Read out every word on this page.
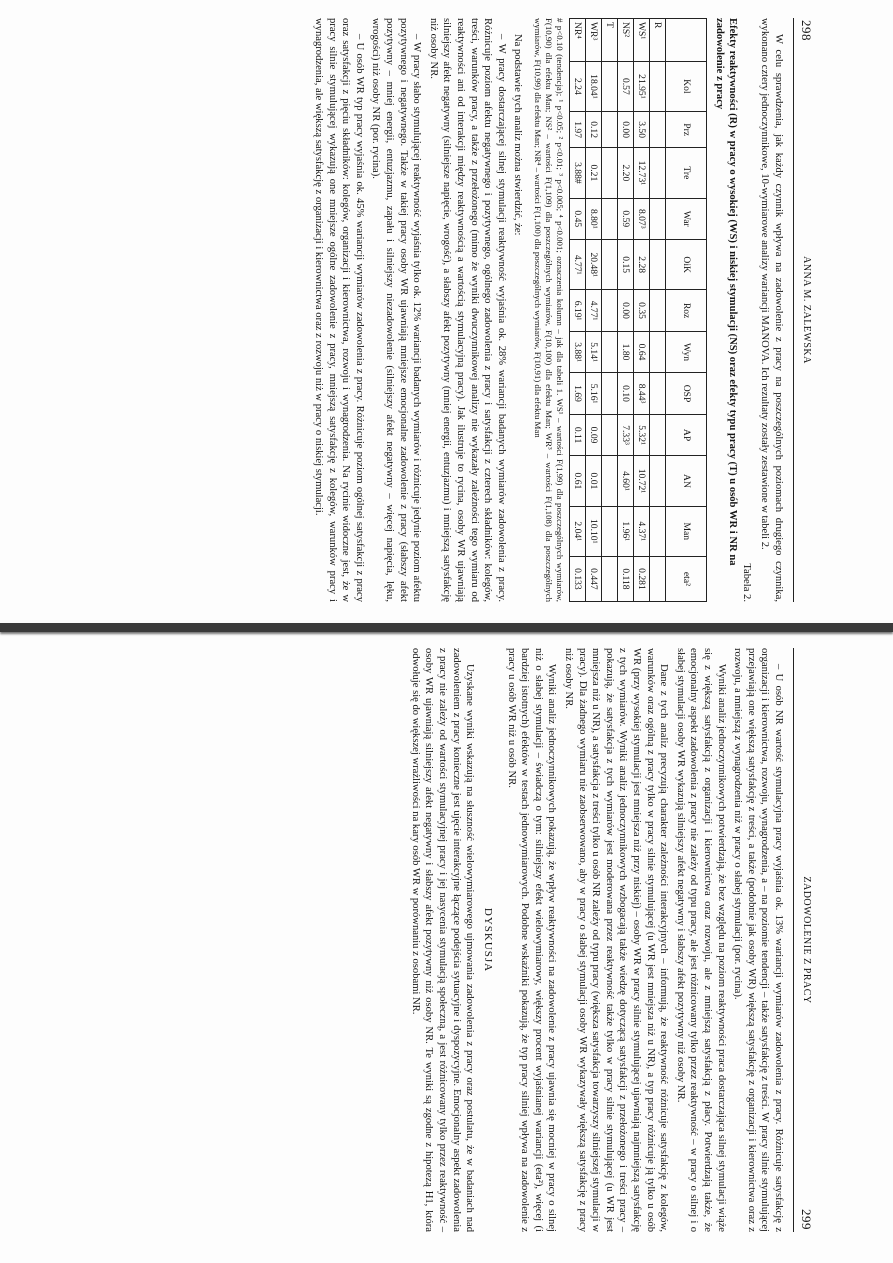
298
ANNA M. ZALEWSKA

W celu sprawdzenia, jak każdy czynnik wpływa na zadowolenie z pracy na poszczególnych poziomach drugiego czynnika, wykonano cztery jednoczynnikowe, 10-wymiarowe analizy wariancji MANOVA. Ich rezultaty zostały zestawione w tabeli 2.

Tabela 2.
Efekty reaktywności (R) w pracy o wysokiej (WS) i niskiej stymulacji (NS) oraz efekty typu pracy (T) u osób WR i NR na zadowolenie z pracy
	Kol	Prz	Tre	War	OiK	Roz	Wyn	OSP	AP	AN	Man	eta²
R												
WS¹	21.95¹	3.50	12.73¹	8.07³	2.28	0.35	0.64	8.44³	5.32¹	10.72¹	4.37¹	0.281
NS²	0.57	0.00	2.20	0.59	0.15	0.00	1.80	0.10	7.33³	4.60¹	1.96¹	0.118
T												
WR³	18.04¹	0.12	0.21	8.80¹	20.48¹	4.77¹	5.14¹	5.16¹	0.09	0.01	10.10¹	0.447
NR⁴	2.24	1.97	3.88#	0.45	4.77¹	6.19¹	3.88¹	1.69	0.11	0.61	2.04¹	0.133
# p<0.10 (tendencja); ¹ p<0.05; ² p<0.01; ³ p<0.005; ⁴ p<0.001; oznaczenia kolumn – jak dla tabeli 1. WS¹ – wartości F(1,99) dla poszczególnych wymiarów, F(10,90) dla efektu Man; NS² – wartości F(1,109) dla poszczególnych wymiarów, F(10,100) dla efektu Man; WR³ – wartości F(1,108) dla poszczególnych wymiarów, F(10,99) dla efektu Man; NR⁴ – wartości F(1,100) dla poszczególnych wymiarów, F(10,91) dla efektu Man

Na podstawie tych analiz można stwierdzić, że:

– W pracy dostarczającej silnej stymulacji reaktywność wyjaśnia ok. 28% wariancji badanych wymiarów zadowolenia z pracy. Różnicuje poziom afektu negatywnego i pozytywnego, ogólnego zadowolenia z pracy i satysfakcji z czterech składników: kolegów, treści, warunków pracy, a także z przełożonego (mimo że wyniki dwuczynnikowej analizy nie wykazały zależności tego wymiaru od reaktywności ani od interakcji między reaktywnością a wartością stymulacyjną pracy). Jak ilustruje to rycina, osoby WR ujawniają silniejszy afekt negatywny (silniejsze napięcie, wrogość), a słabszy afekt pozytywny (mniej energii, entuzjazmu) i mniejszą satysfakcję niż osoby NR.

– W pracy słabo stymulującej reaktywność wyjaśnia tylko ok. 12% wariancji badanych wymiarów i różnicuje jedynie poziom afektu pozytywnego i negatywnego. Także w takiej pracy osoby WR ujawniają mniejsze emocjonalne zadowolenie z pracy (słabszy afekt pozytywny – mniej energii, entuzjazmu, zapału i silniejszy niezadowolenie (silniejszy afekt negatywny – więcej napięcia, lęku, wrogości) niż osoby NR (por. rycina).

– U osób WR typ pracy wyjaśnia ok. 45% wariancji wymiarów zadowolenia z pracy. Różnicuje poziom ogólnej satysfakcji z pracy oraz satysfakcji z pięciu składników: kolegów, organizacji i kierownictwa, rozwoju i wynagrodzenia. Na rycinie widoczne jest, że w pracy silnie stymulującej wykazują one mniejsze ogólne zadowolenie z pracy, mniejszą satysfakcję z kolegów, warunków pracy i wynagrodzenia, ale większą satysfakcję z organizacji i kierownictwa oraz z rozwoju niż w pracy o niskiej stymulacji.

ZADOWOLENIE Z PRACY
299

– U osób NR wartość stymulacyjna pracy wyjaśnia ok. 13% wariancji wymiarów zadowolenia z pracy. Różnicuje satysfakcję z organizacji i kierownictwa, rozwoju, wynagrodzenia, a – na poziomie tendencji – także satysfakcję z treści. W pracy silnie stymulującej przejawiają one większą satysfakcję z treści, a także (podobnie jak osoby WR) większą satysfakcję z organizacji i kierownictwa oraz z rozwoju, a mniejszą z wynagrodzenia niż w pracy o słabej stymulacji (por. rycina).

Wyniki analiz jednoczynnikowych potwierdzają, że bez względu na poziom reaktywności praca dostarczająca silnej stymulacji wiąże się z większą satysfakcją z organizacji i kierownictwa oraz rozwoju, ale z mniejszą satysfakcją z płacy. Potwierdzają także, że emocjonalny aspekt zadowolenia z pracy nie zależy od typu pracy, ale jest różnicowany tylko przez reaktywność – w pracy o silnej i o słabej stymulacji osoby WR wykazują silniejszy afekt negatywny i słabszy afekt pozytywny niż osoby NR.

Dane z tych analiz precyzują charakter zależności interakcyjnych – informują, że reaktywność różnicuje satysfakcję z kolegów, warunków oraz ogólną z pracy tylko w pracy silnie stymulującej (u WR jest mniejsza niż u NR), a typ pracy różnicuje ją tylko u osób WR (przy wysokiej stymulacji jest mniejsza niż przy niskiej) – osoby WR w pracy silnie stymulującej ujawniają najmniejszą satysfakcję z tych wymiarów. Wyniki analiz jednoczynnikowych wzbogacają także wiedzę dotyczącą satysfakcji z przełożonego i treści pracy – pokazują, że satysfakcja z tych wymiarów jest moderowana przez reaktywność także tylko w pracy silnie stymulującej (u WR jest mniejsza niż u NR), a satysfakcja z treści tylko u osób NR zależy od typu pracy (większa satysfakcja towarzyszy silniejszej stymulacji w pracy). Dla żadnego wymiaru nie zaobserwowano, aby w pracy o słabej stymulacji osoby WR wykazywały większą satysfakcję z pracy niż osoby NR.

Wyniki analiz jednoczynnikowych pokazują, że wpływ reaktywności na zadowolenie z pracy ujawnia się mocniej w pracy o silnej niż o słabej stymulacji – świadczą o tym: silniejszy efekt wielowymiarowy, większy procent wyjaśnianej wariancji (eta²), więcej (i bardziej istotnych) efektów w testach jednowymiarowych. Podobne wskaźniki pokazują, że typ pracy silniej wpływa na zadowolenie z pracy u osób WR niż u osób NR.

DYSKUSJA

Uzyskane wyniki wskazują na słuszność wielowymiarowego ujmowania zadowolenia z pracy oraz postulatu, że w badaniach nad zadowoleniem z pracy konieczne jest ujęcie interakcyjne łączące podejścia sytuacyjne i dyspozycyjne. Emocjonalny aspekt zadowolenia z pracy nie zależy od wartości stymulacyjnej pracy i jej nasycenia stymulacją społeczną, a jest różnicowany tylko przez reaktywność – osoby WR ujawniają silniejszy afekt negatywny i słabszy afekt pozytywny niż osoby NR. Te wyniki są zgodne z hipotezą H1, która odwołuje się do większej wrażliwości na kary osób WR w porównaniu z osobami NR.
